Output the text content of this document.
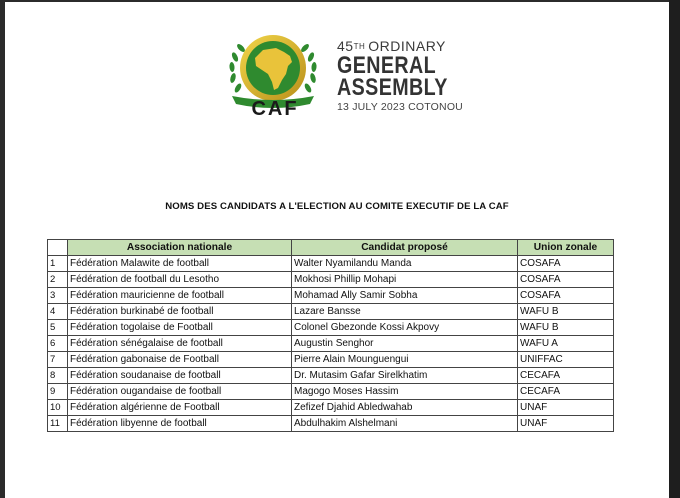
CAF
45 TH ORDINARY
GENERAL
ASSEMBLY
13 JULY 2023 COTONOU
NOMS DES CANDIDATS A L'ELECTION AU COMITE EXECUTIF DE LA CAF
	Association nationale	Candidat proposé	Union zonale
1	Fédération Malawite de football	Walter Nyamilandu Manda	COSAFA
2	Fédération de football du Lesotho	Mokhosi Phillip Mohapi	COSAFA
3	Fédération mauricienne de football	Mohamad Ally Samir Sobha	COSAFA
4	Fédération burkinabé de football	Lazare Bansse	WAFU B
5	Fédération togolaise de Football	Colonel Gbezonde Kossi Akpovy	WAFU B
6	Fédération sénégalaise de football	Augustin Senghor	WAFU A
7	Fédération gabonaise de Football	Pierre Alain Mounguengui	UNIFFAC
8	Fédération soudanaise de football	Dr. Mutasim Gafar Sirelkhatim	CECAFA
9	Fédération ougandaise de football	Magogo Moses Hassim	CECAFA
10	Fédération algérienne de Football	Zefizef Djahid Abledwahab	UNAF
11	Fédération libyenne de football	Abdulhakim Alshelmani	UNAF
